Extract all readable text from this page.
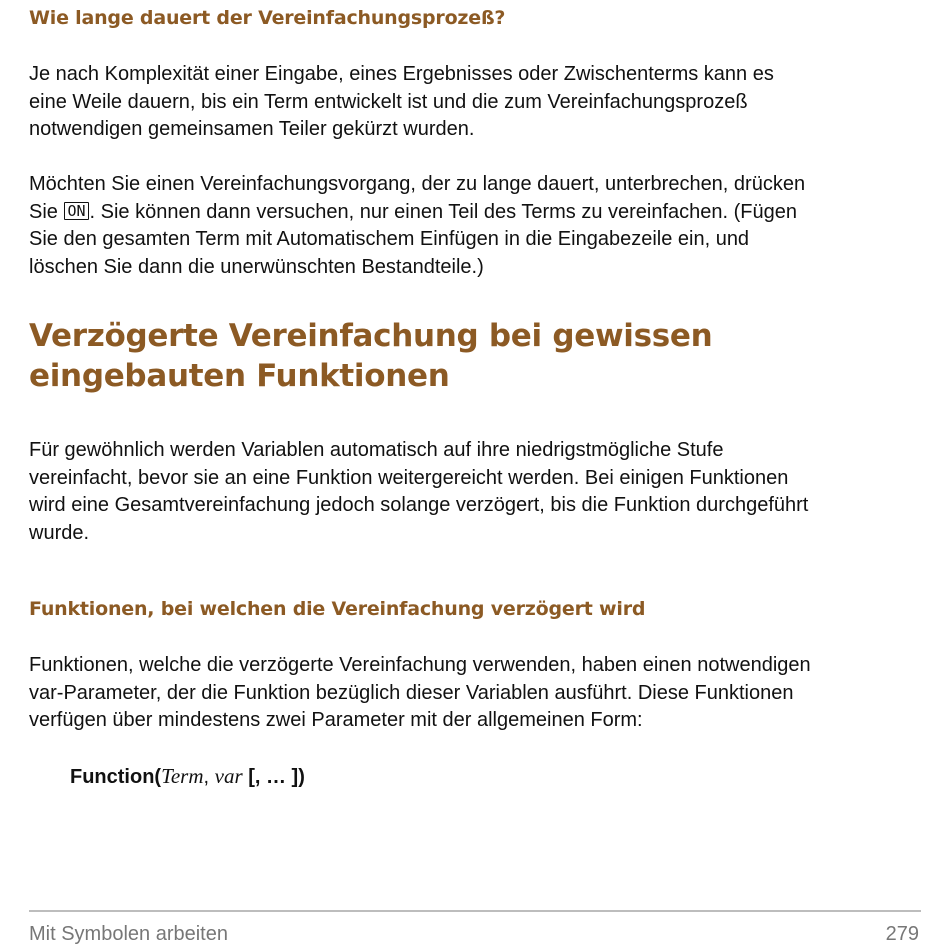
Wie lange dauert der Vereinfachungsprozeß?
Je nach Komplexität einer Eingabe, eines Ergebnisses oder Zwischenterms kann es
eine Weile dauern, bis ein Term entwickelt ist und die zum Vereinfachungsprozeß
notwendigen gemeinsamen Teiler gekürzt wurden.
Möchten Sie einen Vereinfachungsvorgang, der zu lange dauert, unterbrechen, drücken
Sie ON . Sie können dann versuchen, nur einen Teil des Terms zu vereinfachen. (Fügen
Sie den gesamten Term mit Automatischem Einfügen in die Eingabezeile ein, und
löschen Sie dann die unerwünschten Bestandteile.)
Verzögerte Vereinfachung bei gewissen
eingebauten Funktionen
Für gewöhnlich werden Variablen automatisch auf ihre niedrigstmögliche Stufe
vereinfacht, bevor sie an eine Funktion weitergereicht werden. Bei einigen Funktionen
wird eine Gesamtvereinfachung jedoch solange verzögert, bis die Funktion durchgeführt
wurde.
Funktionen, bei welchen die Vereinfachung verzögert wird
Funktionen, welche die verzögerte Vereinfachung verwenden, haben einen notwendigen
var-Parameter, der die Funktion bezüglich dieser Variablen ausführt. Diese Funktionen
verfügen über mindestens zwei Parameter mit der allgemeinen Form:
Function(Term, var [, … ])
Mit Symbolen arbeiten	279
